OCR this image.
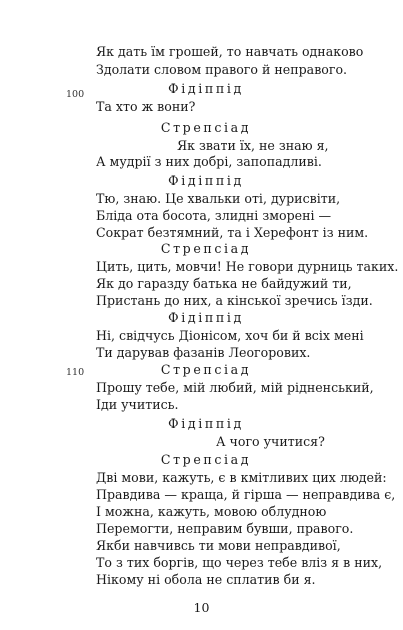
Як дать їм грошей, то навчать однаково
Здолати словом правого й неправого.
Фідіппід
100
Та хто ж вони?
Стрепсіад
Як звати їх, не знаю я,
А мудрії з них добрі, запопадливі.
Фідіппід
Тю, знаю. Це хвальки оті, дурисвіти,
Бліда ота босота, злидні зморені —
Сократ безтямний, та і Херефонт із ним.
Стрепсіад
Цить, цить, мовчи! Не говори дурниць таких.
Як до гаразду батька не байдужий ти,
Пристань до них, а кінської зречись їзди.
Фідіппід
Ні, свідчусь Діонісом, хоч би й всіх мені
Ти дарував фазанів Леогорових.
110	Стрепсіад
Прошу тебе, мій любий, мій рідненський,
Іди учитись.
Фідіппід
А чого учитися?
Стрепсіад
Дві мови, кажуть, є в кмітливих цих людей:
Правдива — краща, й гірша — неправдива є,
І можна, кажуть, мовою облудною
Перемогти, неправим бувши, правого.
Якби навчивсь ти мови неправдивої,
То з тих боргів, що через тебе вліз я в них,
Нікому ні обола не сплатив би я.
10
